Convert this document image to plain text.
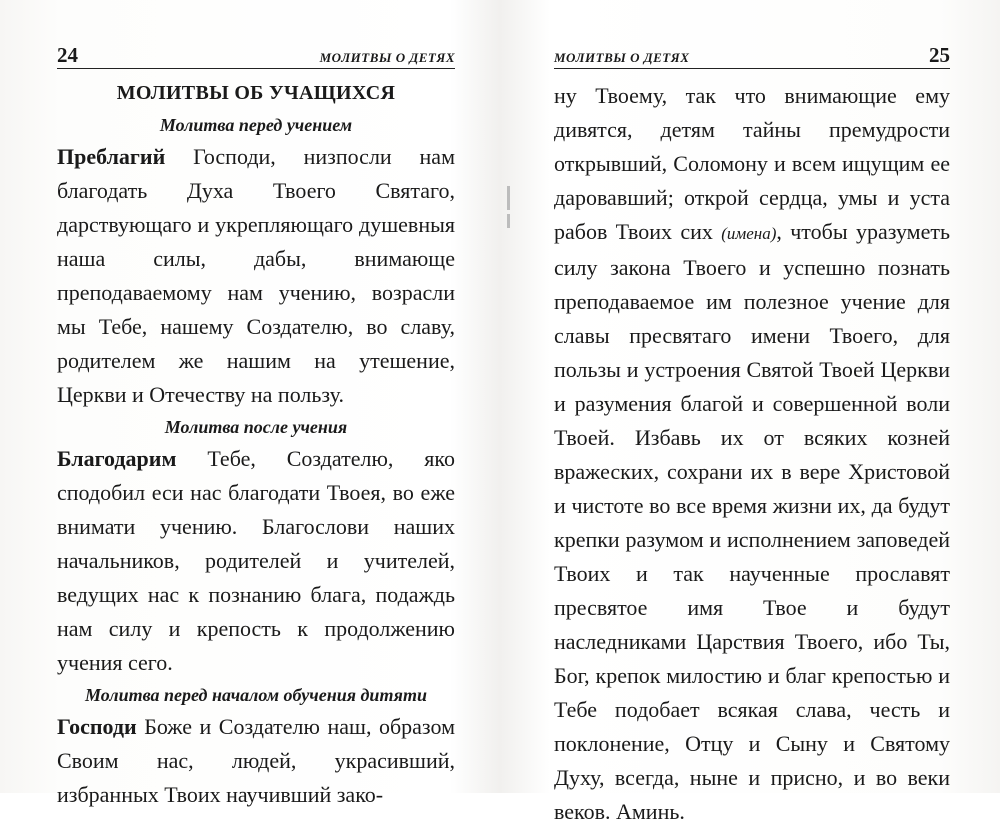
24	МОЛИТВЫ О ДЕТЯХ

МОЛИТВЫ ОБ УЧАЩИХСЯ

Молитва перед учением

Преблагий Господи, низпосли нам благодать Духа Твоего Святаго, дарствующаго и укрепляющаго душевныя наша силы, дабы, внимающе преподаваемому нам учению, возрасли мы Тебе, нашему Создателю, во славу, родителем же нашим на утешение, Церкви и Отечеству на пользу.

Молитва после учения

Благодарим Тебе, Создателю, яко сподобил еси нас благодати Твоея, во еже внимати учению. Благослови наших начальников, родителей и учителей, ведущих нас к познанию блага, подаждь нам силу и крепость к продолжению учения сего.

Молитва перед началом обучения дитяти

Господи Боже и Создателю наш, образом Своим нас, людей, украсивший, избранных Твоих научивший зако-

МОЛИТВЫ О ДЕТЯХ	25

ну Твоему, так что внимающие ему дивятся, детям тайны премудрости открывший, Соломону и всем ищущим ее даровавший; открой сердца, умы и уста рабов Твоих сих (имена), чтобы уразуметь силу закона Твоего и успешно познать преподаваемое им полезное учение для славы пресвятаго имени Твоего, для пользы и устроения Святой Твоей Церкви и разумения благой и совершенной воли Твоей. Избавь их от всяких козней вражеских, сохрани их в вере Христовой и чистоте во все время жизни их, да будут крепки разумом и исполнением заповедей Твоих и так наученные прославят пресвятое имя Твое и будут наследниками Царствия Твоего, ибо Ты, Бог, крепок милостию и благ крепостью и Тебе подобает всякая слава, честь и поклонение, Отцу и Сыну и Святому Духу, всегда, ныне и присно, и во веки веков. Аминь.
